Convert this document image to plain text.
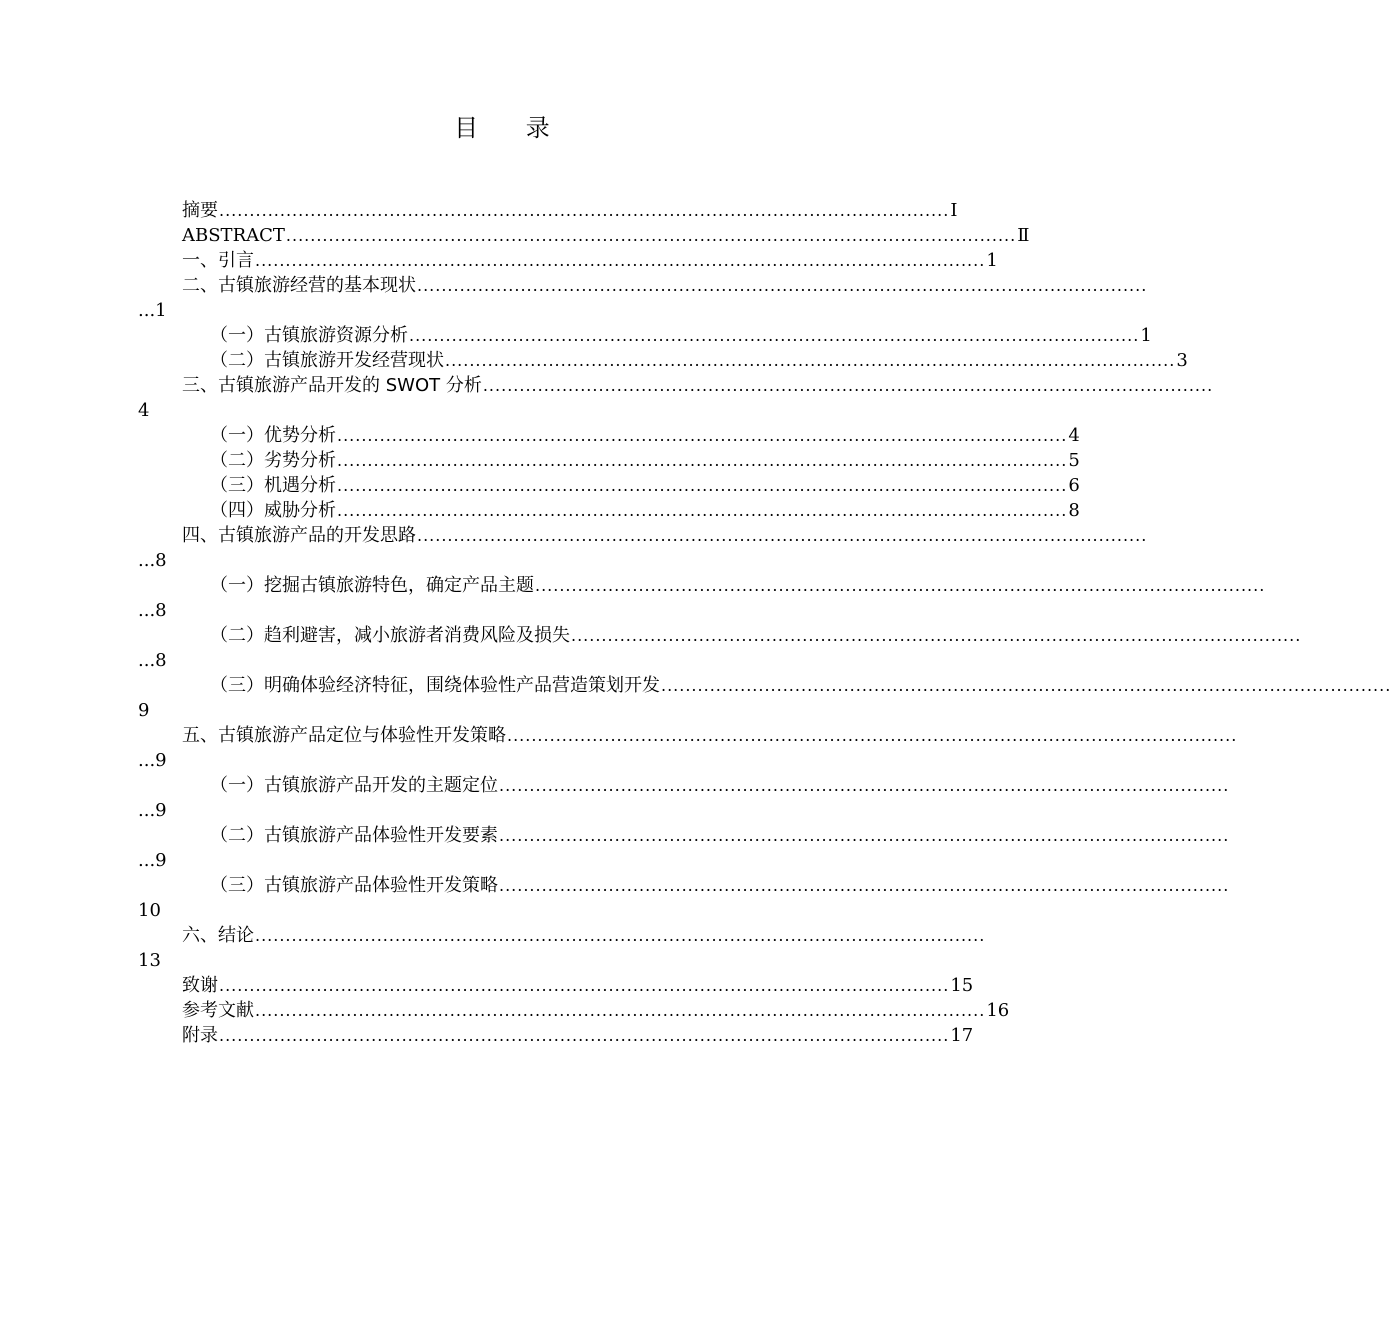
目 录
摘要 ........................................................................................................................ Ⅰ
ABSTRACT ........................................................................................................................ Ⅱ
一、引言 ........................................................................................................................ 1
二、古镇旅游经营的基本现状 ........................................................................................................................
...1
（一）古镇旅游资源分析 ........................................................................................................................ 1
（二）古镇旅游开发经营现状 ........................................................................................................................ 3
三、古镇旅游产品开发的 SWOT 分析 ........................................................................................................................
4
（一）优势分析 ........................................................................................................................ 4
（二）劣势分析 ........................................................................................................................ 5
（三）机遇分析 ........................................................................................................................ 6
（四）威胁分析 ........................................................................................................................ 8
四、古镇旅游产品的开发思路 ........................................................................................................................
...8
（一）挖掘古镇旅游特色，确定产品主题 ........................................................................................................................
...8
（二）趋利避害，减小旅游者消费风险及损失 ........................................................................................................................
...8
（三）明确体验经济特征，围绕体验性产品营造策划开发 ........................................................................................................................
9
五、古镇旅游产品定位与体验性开发策略 ........................................................................................................................
...9
（一）古镇旅游产品开发的主题定位 ........................................................................................................................
...9
（二）古镇旅游产品体验性开发要素 ........................................................................................................................
...9
（三）古镇旅游产品体验性开发策略 ........................................................................................................................
10
六、结论 ........................................................................................................................
13
致谢 ........................................................................................................................ 15
参考文献 ........................................................................................................................ 16
附录 ........................................................................................................................ 17
